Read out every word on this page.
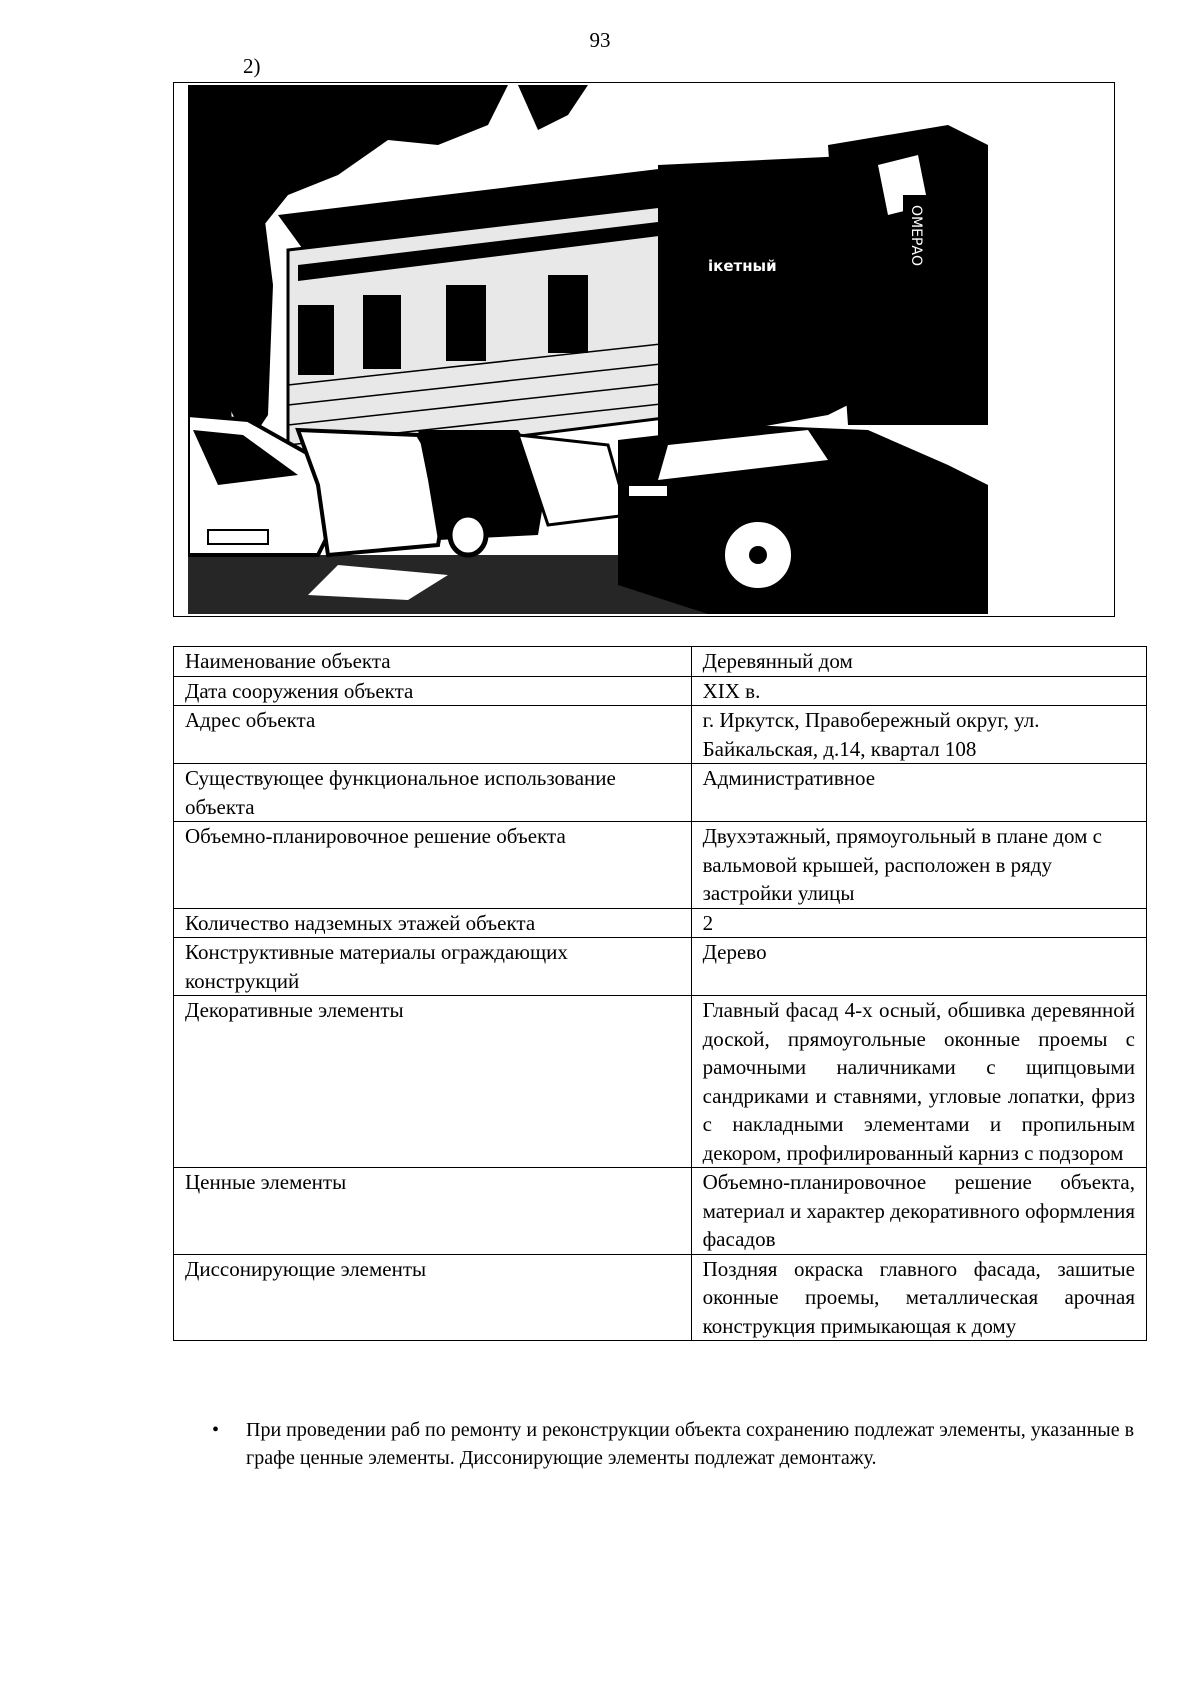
93
2)
ікетный
ОМЕРАО
Наименование объекта	Деревянный дом
Дата сооружения объекта	XIX в.
Адрес объекта	г. Иркутск, Правобережный округ, ул. Байкальская, д.14, квартал 108
Существующее функциональное использование объекта	Административное
Объемно-планировочное решение объекта	Двухэтажный, прямоугольный в плане дом с вальмовой крышей, расположен в ряду застройки улицы
Количество надземных этажей объекта	2
Конструктивные материалы ограждающих конструкций	Дерево
Декоративные элементы	Главный фасад 4-х осный, обшивка деревянной доской, прямоугольные оконные проемы с рамочными наличниками с щипцовыми сандриками и ставнями, угловые лопатки, фриз с накладными элементами и пропильным декором, профилированный карниз с подзором
Ценные элементы	Объемно-планировочное решение объекта, материал и характер декоративного оформления фасадов
Диссонирующие элементы	Поздняя окраска главного фасада, зашитые оконные проемы, металлическая арочная конструкция примыкающая к дому
• При проведении раб по ремонту и реконструкции объекта сохранению подлежат элементы, указанные в графе ценные элементы. Диссонирующие элементы подлежат демонтажу.
